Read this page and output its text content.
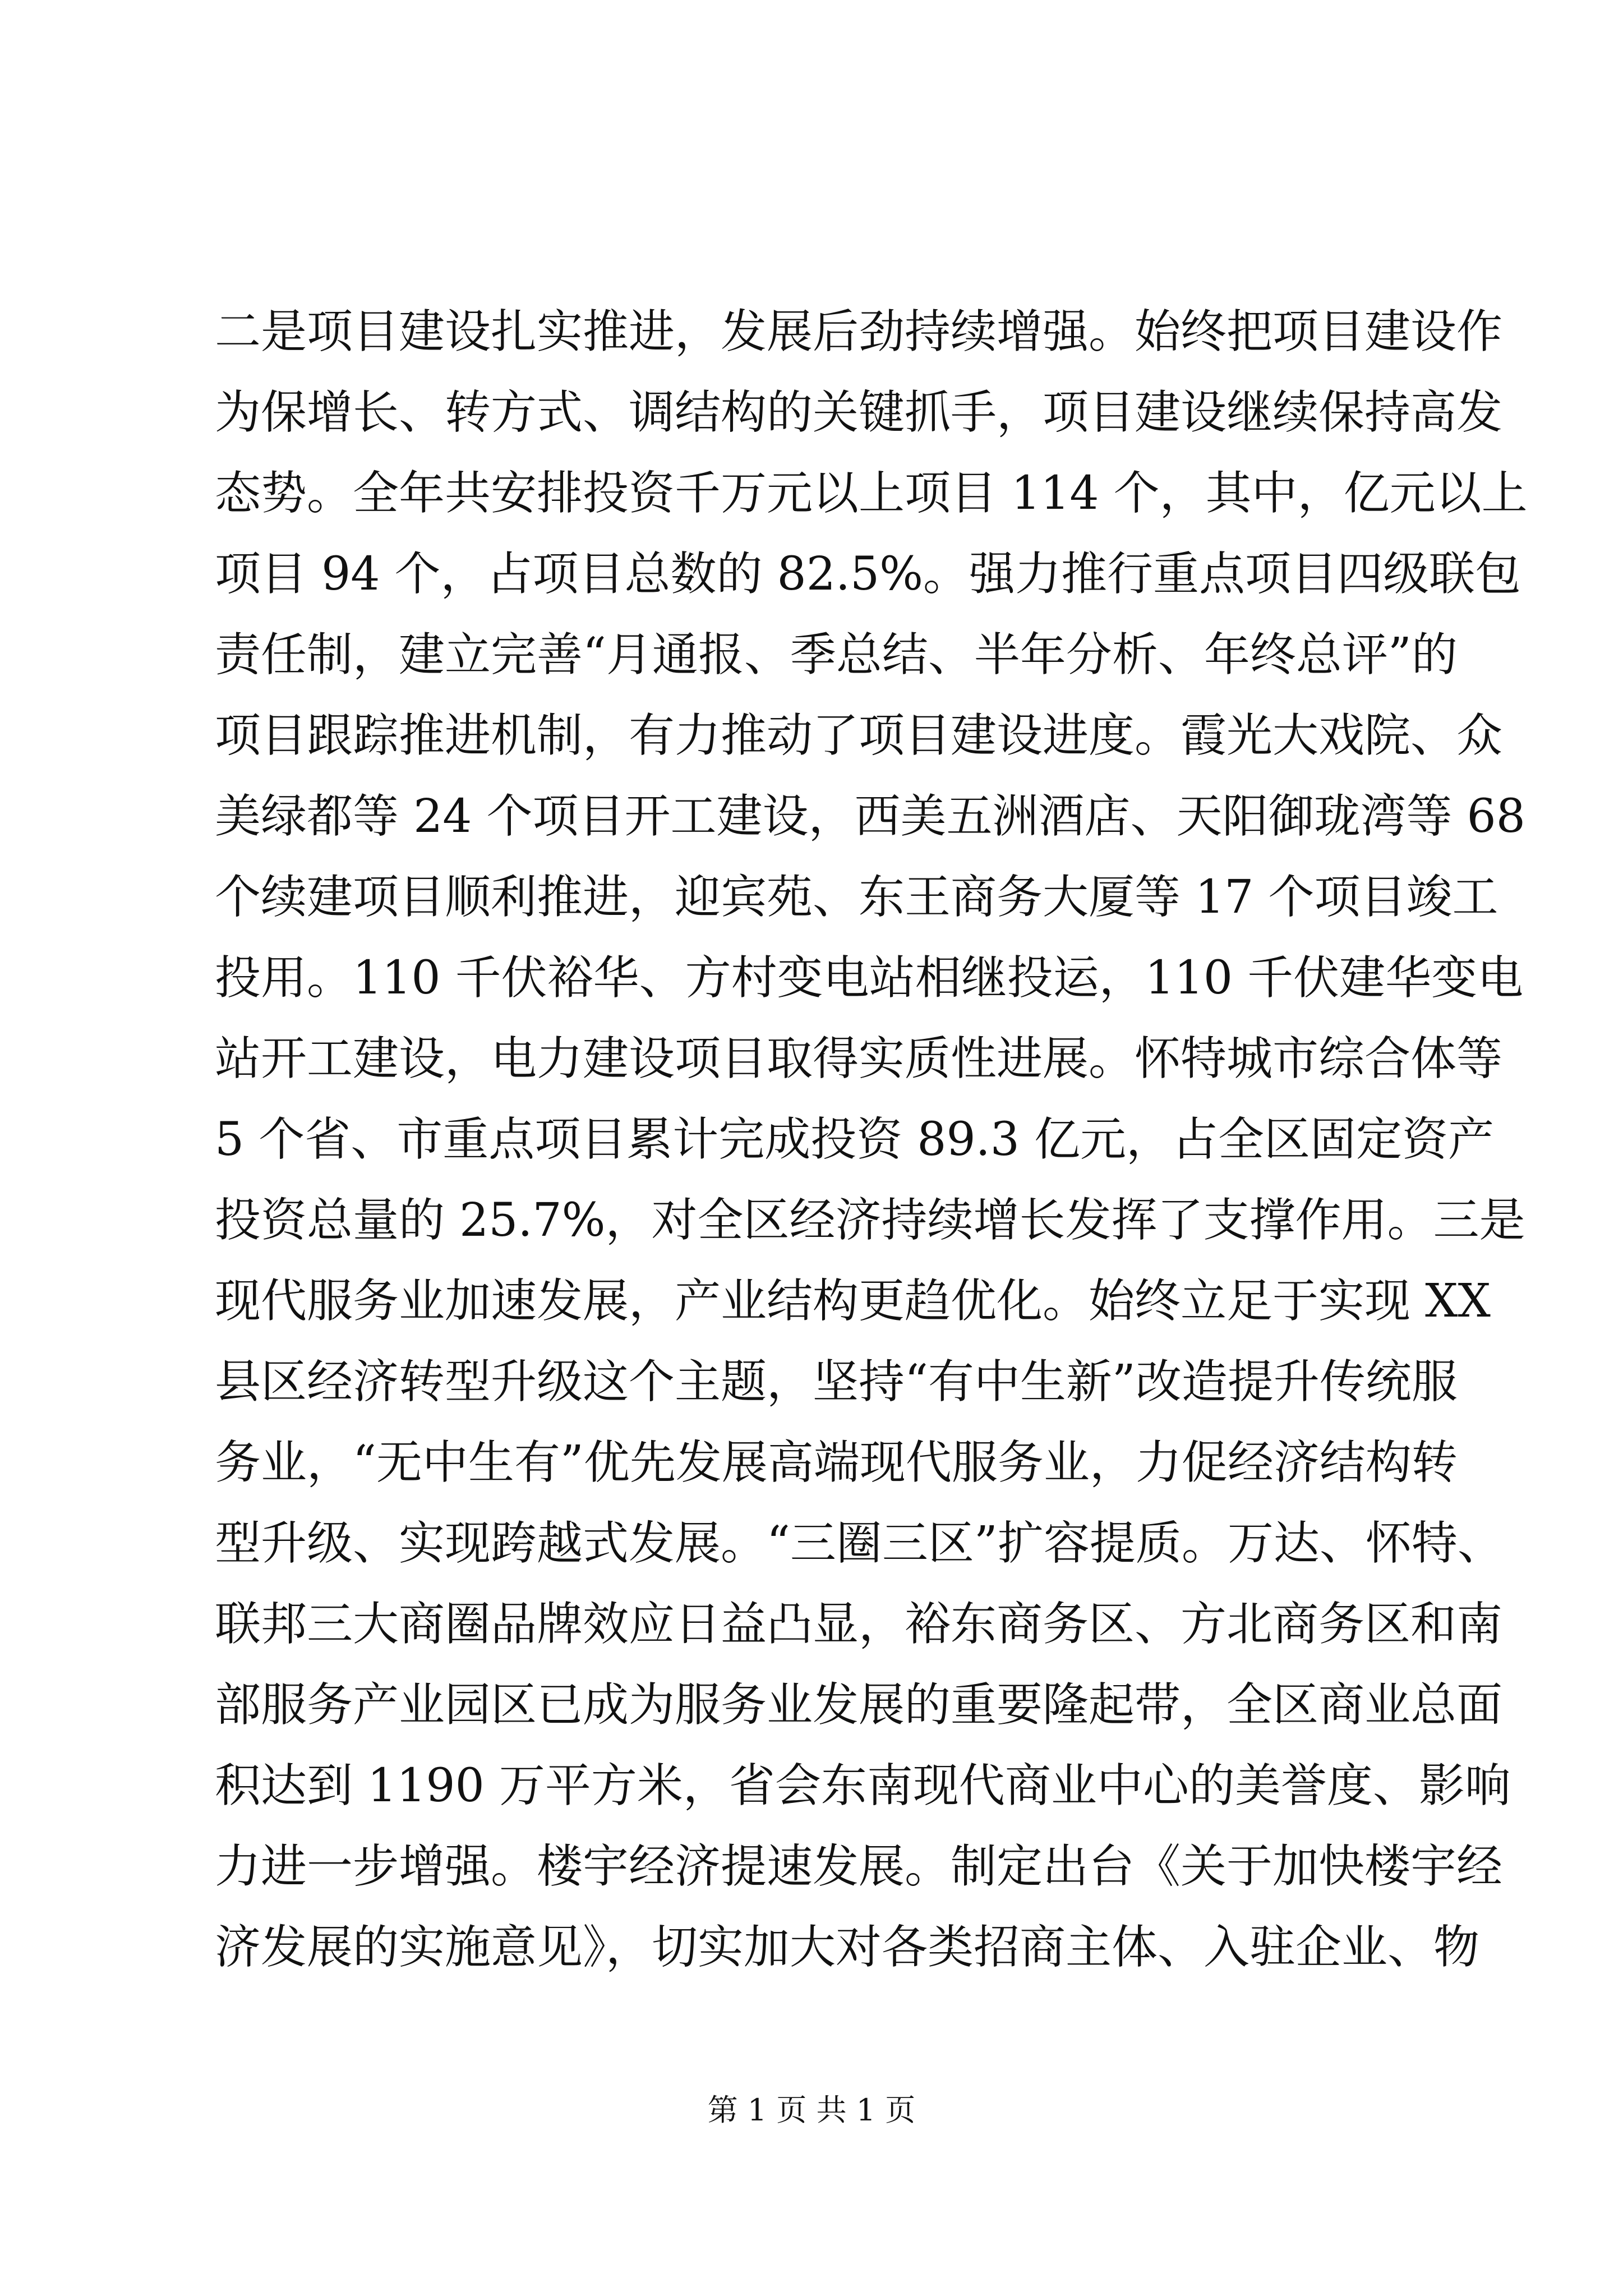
二是项目建设扎实推进，发展后劲持续增强。始终把项目建设作
为保增长、转方式、调结构的关键抓手，项目建设继续保持高发
态势。全年共安排投资千万元以上项目 114 个，其中，亿元以上
项目 94 个，占项目总数的 82.5%。强力推行重点项目四级联包
责任制，建立完善“月通报、季总结、半年分析、年终总评”的
项目跟踪推进机制，有力推动了项目建设进度。霞光大戏院、众
美绿都等 24 个项目开工建设，西美五洲酒店、天阳御珑湾等 68
个续建项目顺利推进，迎宾苑、东王商务大厦等 17 个项目竣工
投用。110 千伏裕华、方村变电站相继投运，110 千伏建华变电
站开工建设，电力建设项目取得实质性进展。怀特城市综合体等
5 个省、市重点项目累计完成投资 89.3 亿元，占全区固定资产
投资总量的 25.7%，对全区经济持续增长发挥了支撑作用。三是
现代服务业加速发展，产业结构更趋优化。始终立足于实现 XX
县区经济转型升级这个主题，坚持“有中生新”改造提升传统服
务业，“无中生有”优先发展高端现代服务业，力促经济结构转
型升级、实现跨越式发展。“三圈三区”扩容提质。万达、怀特、
联邦三大商圈品牌效应日益凸显，裕东商务区、方北商务区和南
部服务产业园区已成为服务业发展的重要隆起带，全区商业总面
积达到 1190 万平方米，省会东南现代商业中心的美誉度、影响
力进一步增强。楼宇经济提速发展。制定出台《关于加快楼宇经
济发展的实施意见》，切实加大对各类招商主体、入驻企业、物
第 1 页 共 1 页
